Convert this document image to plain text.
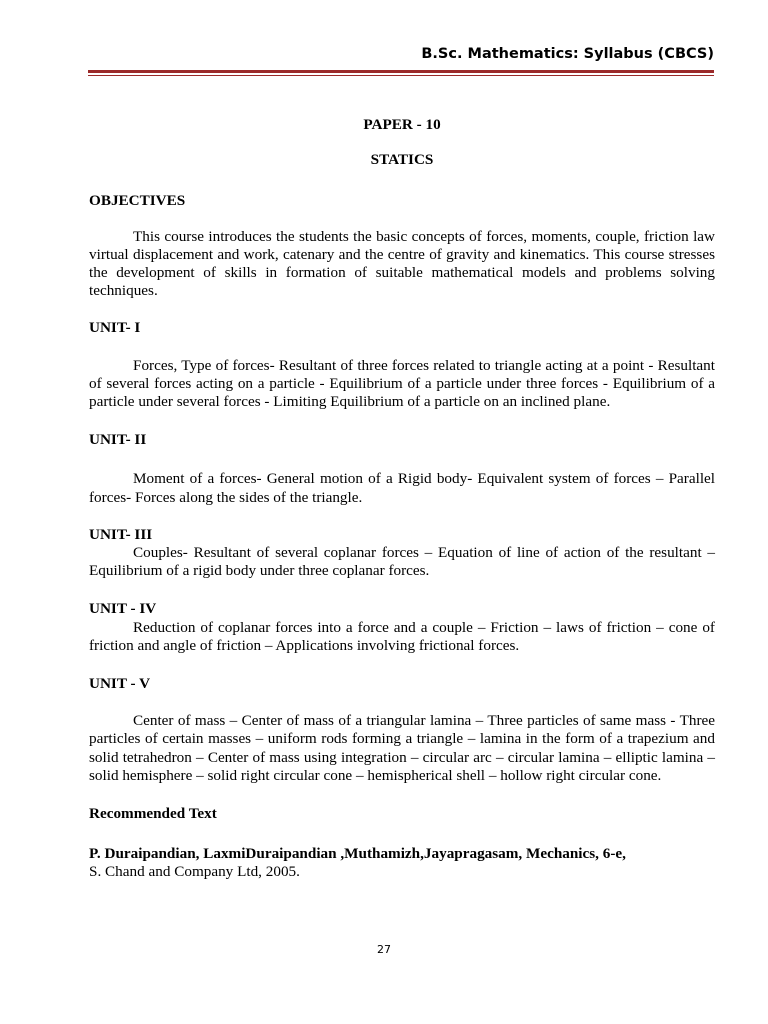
B.Sc. Mathematics: Syllabus (CBCS)
PAPER - 10
STATICS
OBJECTIVES
This course introduces the students the basic concepts of forces, moments, couple, friction law virtual displacement and work, catenary and the centre of gravity and kinematics. This course stresses the development of skills in formation of suitable mathematical models and problems solving techniques.
UNIT- I
Forces, Type of forces- Resultant of three forces related to triangle acting at a point - Resultant of several forces acting on a particle - Equilibrium of a particle under three forces - Equilibrium of a particle under several forces - Limiting Equilibrium of a particle on an inclined plane.
UNIT- II
Moment of a forces- General motion of a Rigid body- Equivalent system of forces – Parallel forces- Forces along the sides of the triangle.
UNIT- III
Couples- Resultant of several coplanar forces – Equation of line of action of the resultant – Equilibrium of a rigid body under three coplanar forces.
UNIT - IV
Reduction of coplanar forces into a force and a couple – Friction – laws of friction – cone of friction and angle of friction – Applications involving frictional forces.
UNIT - V
Center of mass – Center of mass of a triangular lamina – Three particles of same mass - Three particles of certain masses – uniform rods forming a triangle – lamina in the form of a trapezium and solid tetrahedron – Center of mass using integration – circular arc – circular lamina – elliptic lamina – solid hemisphere – solid right circular cone – hemispherical shell – hollow right circular cone.
Recommended Text
P. Duraipandian, LaxmiDuraipandian ,Muthamizh,Jayapragasam, Mechanics, 6-e,
S. Chand and Company Ltd, 2005.
27
